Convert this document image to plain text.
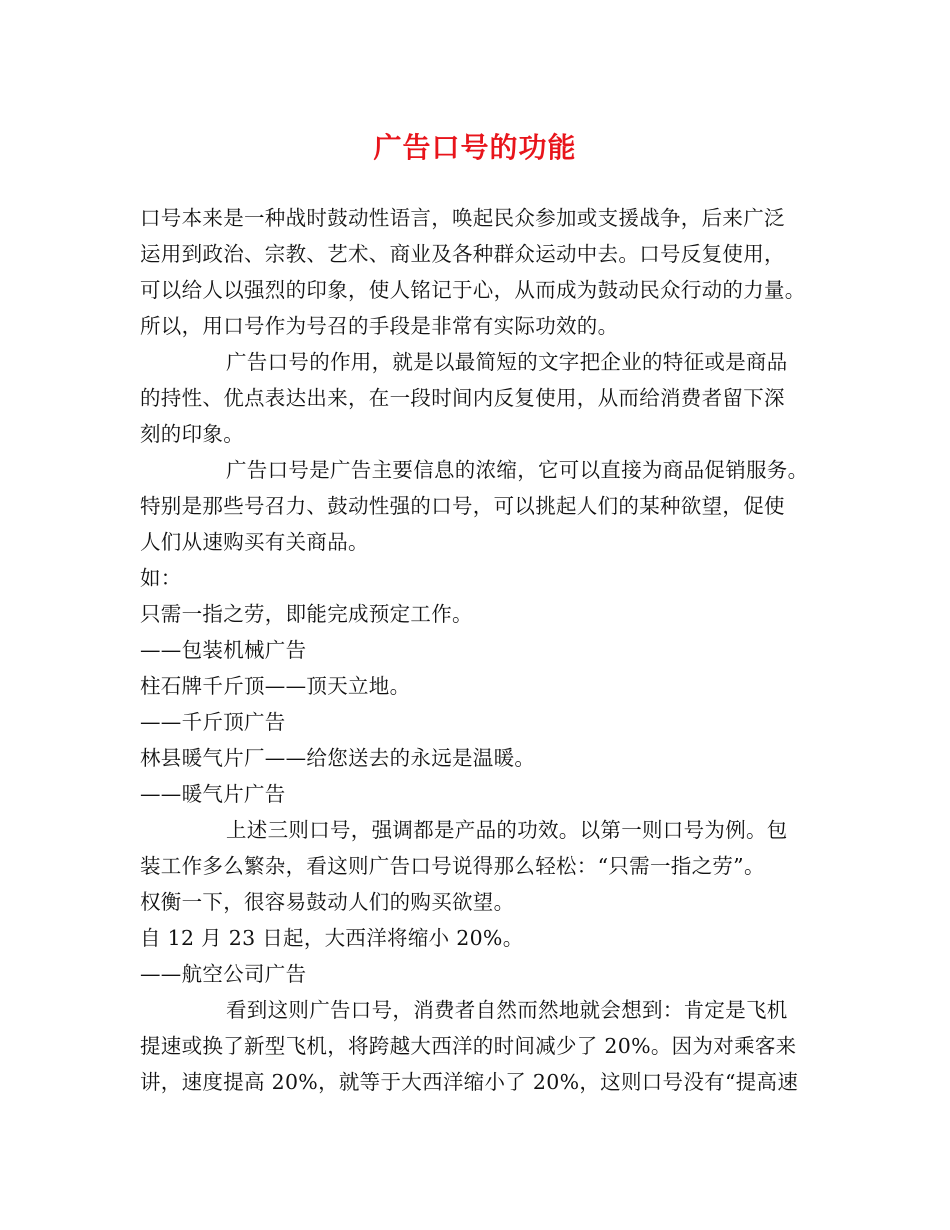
广告口号的功能
口号本来是一种战时鼓动性语言，唤起民众参加或支援战争，后来广泛
运用到政治、宗教、艺术、商业及各种群众运动中去。口号反复使用，
可以给人以强烈的印象，使人铭记于心，从而成为鼓动民众行动的力量。
所以，用口号作为号召的手段是非常有实际功效的。
广告口号的作用，就是以最简短的文字把企业的特征或是商品
的持性、优点表达出来，在一段时间内反复使用，从而给消费者留下深
刻的印象。
广告口号是广告主要信息的浓缩，它可以直接为商品促销服务。
特别是那些号召力、鼓动性强的口号，可以挑起人们的某种欲望，促使
人们从速购买有关商品。
如：
只需一指之劳，即能完成预定工作。
——包装机械广告
柱石牌千斤顶——顶天立地。
——千斤顶广告
林县暖气片厂——给您送去的永远是温暖。
——暖气片广告
上述三则口号，强调都是产品的功效。以第一则口号为例。包
装工作多么繁杂，看这则广告口号说得那么轻松：“只需一指之劳”。
权衡一下，很容易鼓动人们的购买欲望。
自 12 月 23 日起，大西洋将缩小 20%。
——航空公司广告
看到这则广告口号，消费者自然而然地就会想到：肯定是飞机
提速或换了新型飞机，将跨越大西洋的时间减少了 20%。因为对乘客来
讲，速度提高 20%，就等于大西洋缩小了 20%，这则口号没有“提高速
